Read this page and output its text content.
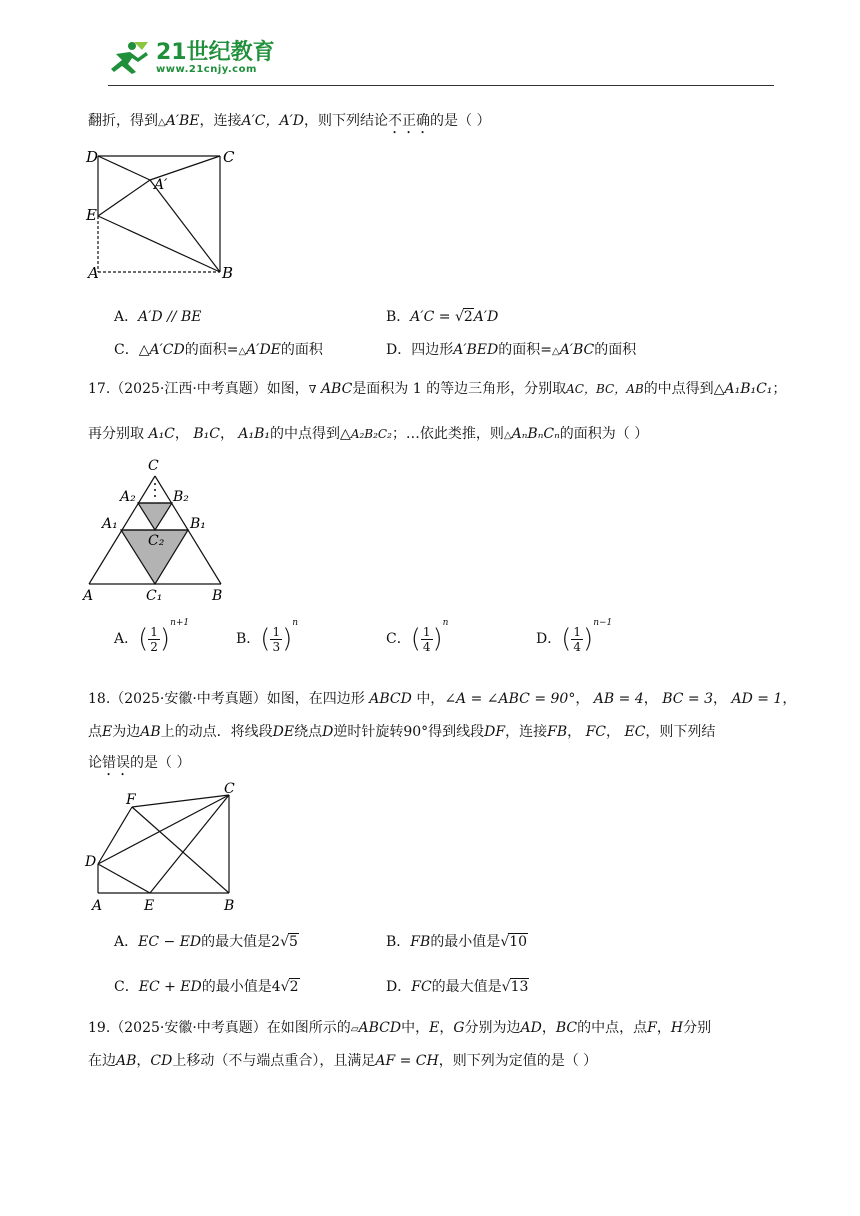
21世纪教育
www.21cnjy.com
翻折，得到△A′BE，连接A′C，A′D，则下列结论不正确的是（ ）
D	C
A′
E
A	B
A．A′D // BE	B．A′C = √2A′D
C．△A′CD的面积=△A′DE的面积	D．四边形A′BED的面积=△A′BC的面积
17.（2025·江西·中考真题）如图，∇ ABC是面积为 1 的等边三角形，分别取AC，BC，AB的中点得到△A₁B₁C₁；
再分别取 A₁C， B₁C， A₁B₁的中点得到△A₂B₂C₂；…依此类推，则△AₙBₙCₙ的面积为（ ）
C
A₂	B₂
A₁	B₁
C₂
A	C₁	B
A．( $\frac{1}{2} )^{n+1}$
B．( $\frac{1}{3} )^n$
C．( $\frac{1}{4} )^n$
D．( $\frac{1}{4} )^{n-1}$
18.（2025·安徽·中考真题）如图，在四边形 ABCD 中，∠A = ∠ABC = 90°， AB = 4， BC = 3， AD = 1，
点E为边AB上的动点．将线段DE绕点D逆时针旋转90°得到线段DF，连接FB， FC， EC，则下列结
论错误的是（ ）
F
C
D
A	E	B
A．EC − ED的最大值是2√5	B．FB的最小值是√10
C．EC + ED的最小值是4√2	D．FC的最大值是√13
19.（2025·安徽·中考真题）在如图所示的▱ABCD中，E，G分别为边AD，BC的中点，点F，H分别
在边AB，CD上移动（不与端点重合），且满足AF = CH，则下列为定值的是（ ）
